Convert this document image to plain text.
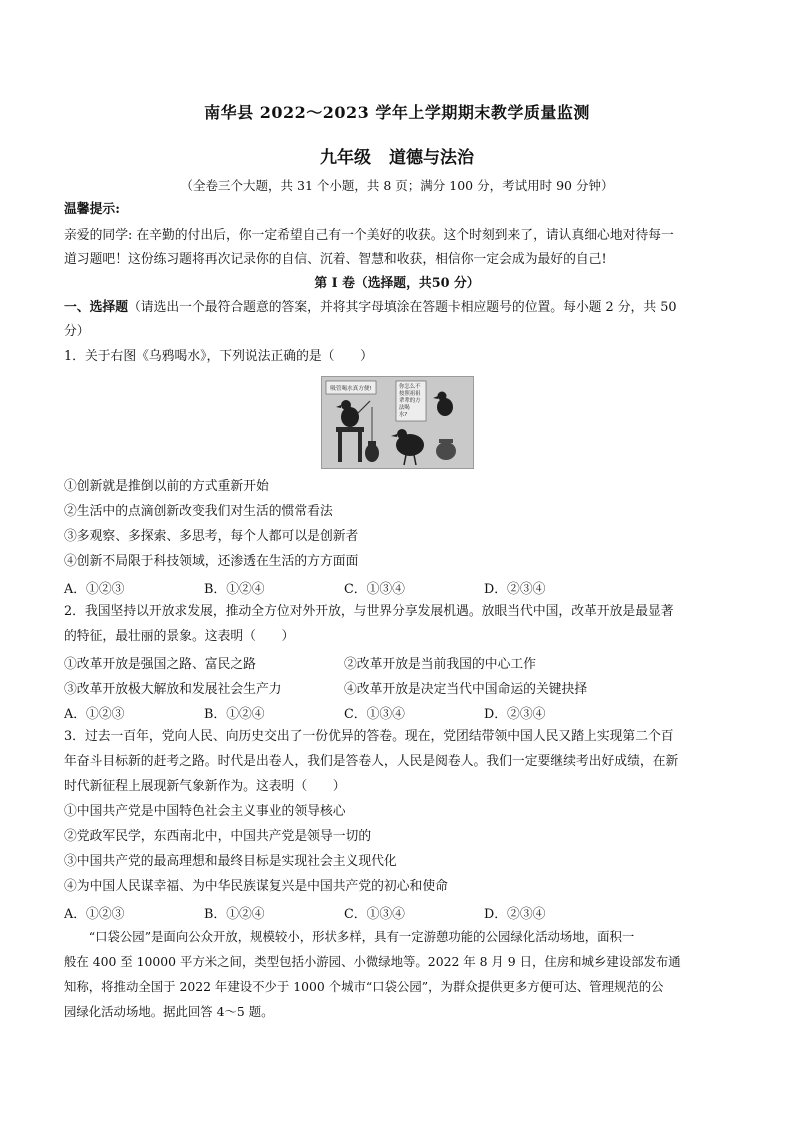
南华县 2022～2023 学年上学期期末教学质量监测
九年级 道德与法治
（全卷三个大题，共 31 个小题，共 8 页；满分 100 分，考试用时 90 分钟）
温馨提示:
亲爱的同学: 在辛勤的付出后，你一定希望自己有一个美好的收获。这个时刻到来了，请认真细心地对待每一
道习题吧！这份练习题将再次记录你的自信、沉着、智慧和收获，相信你一定会成为最好的自己!
第 I 卷（选择题，共50 分）
一、选择题（请选出一个最符合题意的答案，并将其字母填涂在答题卡相应题号的位置。每小题 2 分，共 50
分）
1．关于右图《乌鸦喝水》，下列说法正确的是（　　）
吸管喝水真方便!	你怎么不 按照祖祖 辈辈的方 法喝 水?
①创新就是推倒以前的方式重新开始
②生活中的点滴创新改变我们对生活的惯常看法
③多观察、多探索、多思考，每个人都可以是创新者
④创新不局限于科技领域，还渗透在生活的方方面面
A．①②③	B．①②④	C．①③④	D．②③④
2．我国坚持以开放求发展，推动全方位对外开放，与世界分享发展机遇。放眼当代中国，改革开放是最显著
的特征，最壮丽的景象。这表明（　　）
①改革开放是强国之路、富民之路	②改革开放是当前我国的中心工作
③改革开放极大解放和发展社会生产力	④改革开放是决定当代中国命运的关键抉择
A．①②③	B．①②④	C．①③④	D．②③④
3．过去一百年，党向人民、向历史交出了一份优异的答卷。现在，党团结带领中国人民又踏上实现第二个百
年奋斗目标新的赶考之路。时代是出卷人，我们是答卷人，人民是阅卷人。我们一定要继续考出好成绩，在新
时代新征程上展现新气象新作为。这表明（　　）
①中国共产党是中国特色社会主义事业的领导核心
②党政军民学，东西南北中，中国共产党是领导一切的
③中国共产党的最高理想和最终目标是实现社会主义现代化
④为中国人民谋幸福、为中华民族谋复兴是中国共产党的初心和使命
A．①②③	B．①②④	C．①③④	D．②③④
“口袋公园”是面向公众开放，规模较小，形状多样，具有一定游憩功能的公园绿化活动场地，面积一
般在 400 至 10000 平方米之间，类型包括小游园、小微绿地等。2022 年 8 月 9 日，住房和城乡建设部发布通
知称，将推动全国于 2022 年建设不少于 1000 个城市“口袋公园”，为群众提供更多方便可达、管理规范的公
园绿化活动场地。据此回答 4～5 题。
